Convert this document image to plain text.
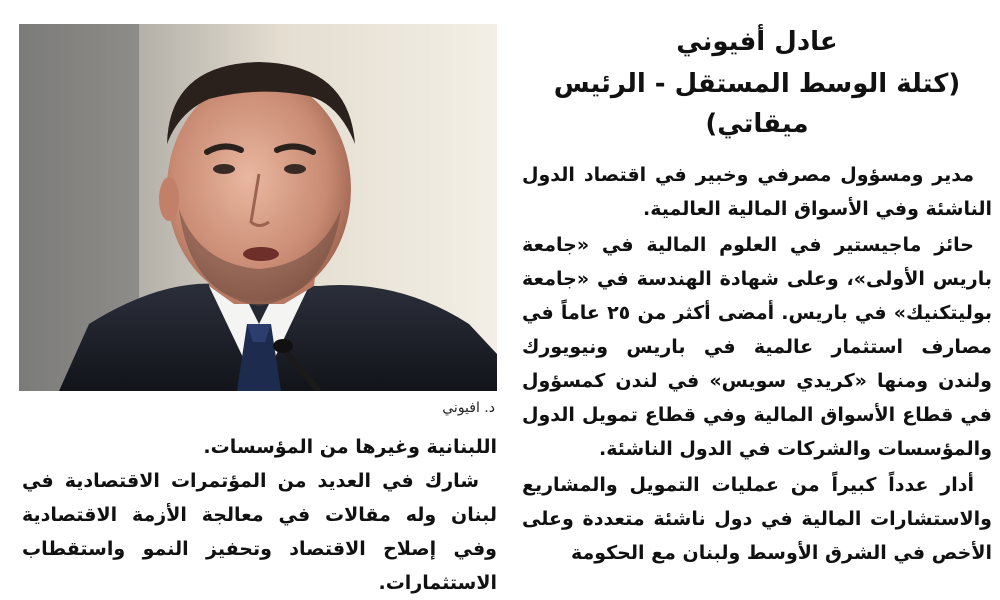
عادل أفيوني
(كتلة الوسط المستقل - الرئيس ميقاتي)

مدير ومسؤول مصرفي وخبير في اقتصاد الدول الناشئة وفي الأسواق المالية العالمية.

حائز ماجيستير في العلوم المالية في «جامعة باريس الأولى»، وعلى شهادة الهندسة في «جامعة بوليتكنيك» في باريس. أمضى أكثر من ٢٥ عاماً في مصارف استثمار عالمية في باريس ونيويورك ولندن ومنها «كريدي سويس» في لندن كمسؤول في قطاع الأسواق المالية وفي قطاع تمويل الدول والمؤسسات والشركات في الدول الناشئة.

أدار عدداً كبيراً من عمليات التمويل والمشاريع والاستشارات المالية في دول ناشئة متعددة وعلى الأخص في الشرق الأوسط ولبنان مع الحكومة

د. افيوني

اللبنانية وغيرها من المؤسسات.

شارك في العديد من المؤتمرات الاقتصادية في لبنان وله مقالات في معالجة الأزمة الاقتصادية وفي إصلاح الاقتصاد وتحفيز النمو واستقطاب الاستثمارات.
